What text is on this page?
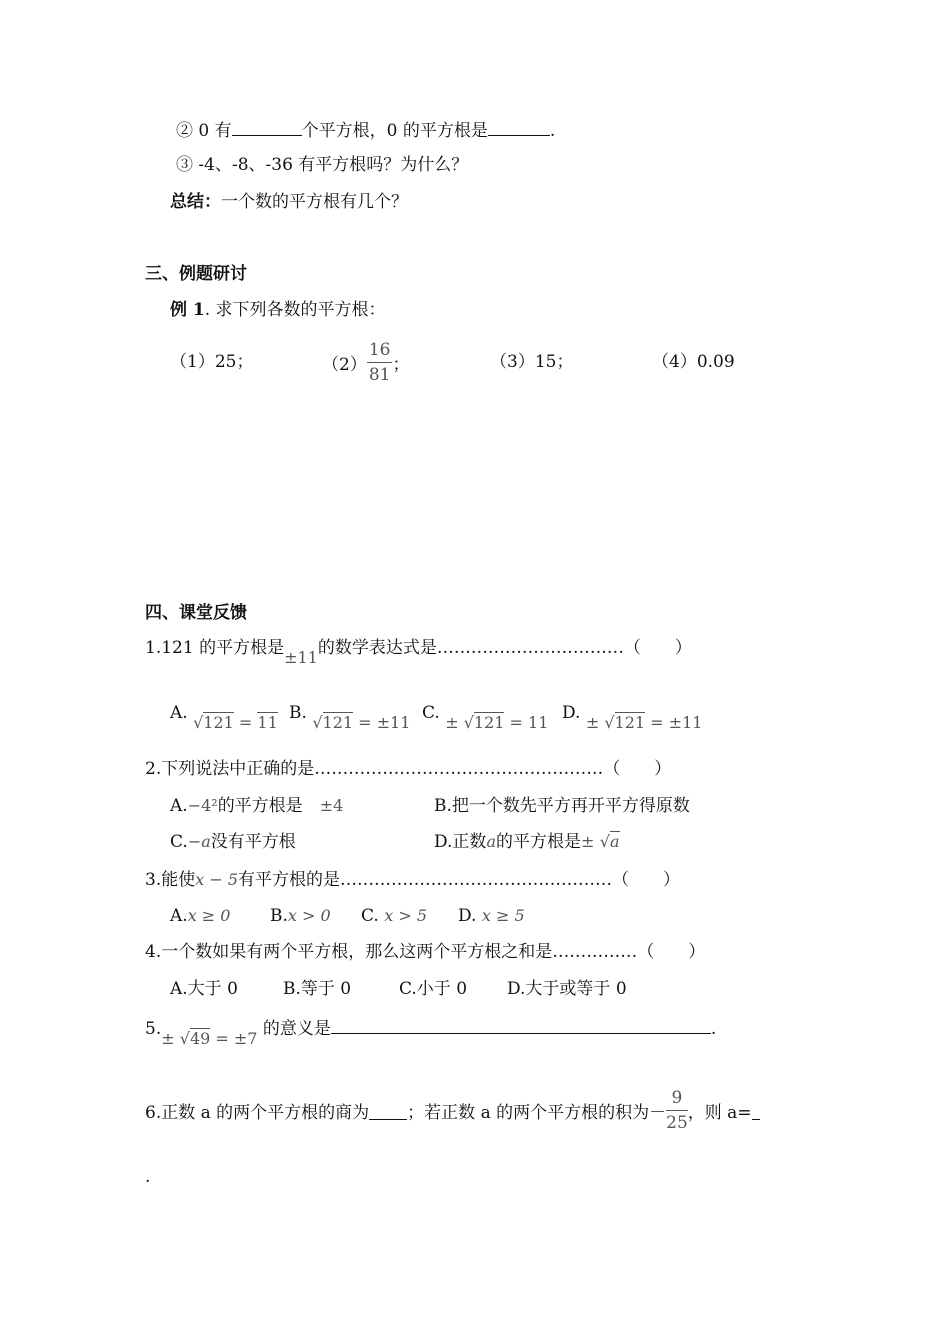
② 0 有	个平方根，0 的平方根是	.
③ -4、-8、-36 有平方根吗？为什么？
总结：一个数的平方根有几个？
三、例题研讨
例 1. 求下列各数的平方根：
（1）25；	$(2) \frac{16}{81}$ ；	（3）15；	（4）0.09
四、课堂反馈
1.121 的平方根是±11的数学表达式是……………………………（　　）
A. √121 = 11 B. √121 = ±11 C. ± √121 = 11 D. ± √121 = ±11
2.下列说法中正确的是……………………………………………（　　）
A.−4²的平方根是　 ±4	B.把一个数先平方再开平方得原数
C.−a没有平方根	D.正数a的平方根是± √a
3.能使x − 5有平方根的是…………………………………………（　　）
A.x ≥ 0 B.x > 0 C. x > 5 D. x ≥ 5
4.一个数如果有两个平方根，那么这两个平方根之和是……………（　　）
A.大于 0	B.等于 0	C.小于 0 D.大于或等于 0
5.± √49 = ±7 的意义是	.
6.正数 a 的两个平方根的商为 ；若正数 a 的两个平方根的积为－ $\frac{9}{25}$ ，则 a=
.
